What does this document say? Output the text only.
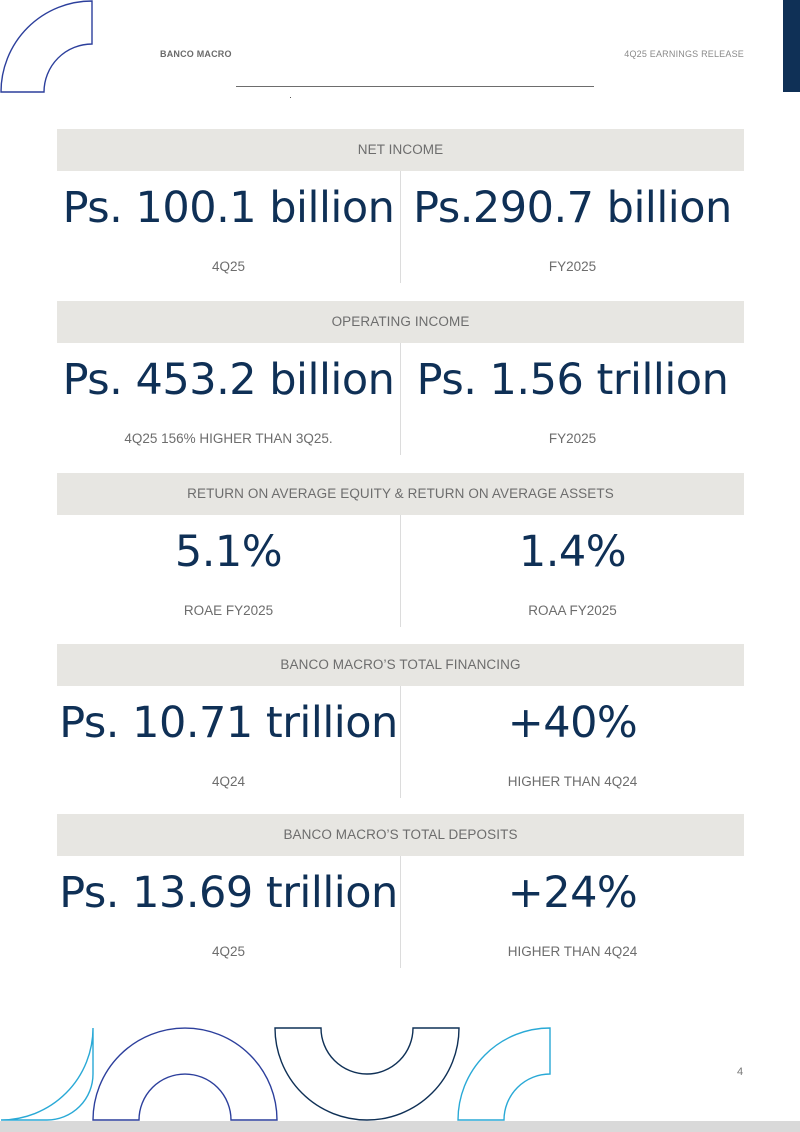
BANCO MACRO	4Q25 EARNINGS RELEASE
NET INCOME
Ps. 100.1 billion
4Q25
Ps.290.7 billion
FY2025
OPERATING INCOME
Ps. 453.2 billion
4Q25 156% HIGHER THAN 3Q25.
Ps. 1.56 trillion
FY2025
RETURN ON AVERAGE EQUITY & RETURN ON AVERAGE ASSETS
5.1%
ROAE FY2025
1.4%
ROAA FY2025
BANCO MACRO’S TOTAL FINANCING
Ps. 10.71 trillion
4Q24
+40%
HIGHER THAN 4Q24
BANCO MACRO’S TOTAL DEPOSITS
Ps. 13.69 trillion
4Q25
+24%
HIGHER THAN 4Q24
4
